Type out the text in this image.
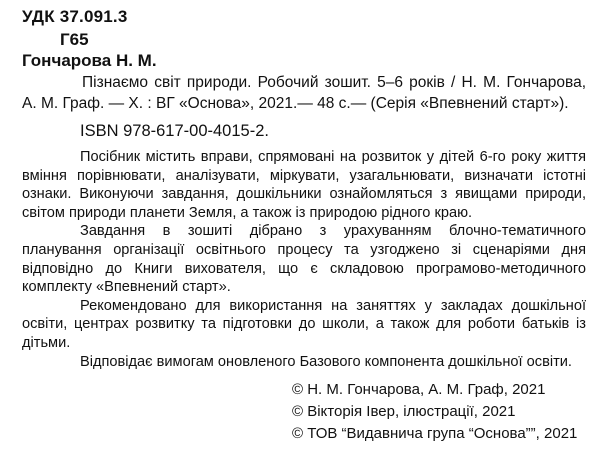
УДК 37.091.3
Г65
Гончарова Н. М.
Пізнаємо світ природи. Робочий зошит. 5–6 років / Н. М. Гончарова, А. М. Граф. — Х. : ВГ «Основа», 2021.— 48 с.— (Серія «Впевнений старт»).
ISBN 978-617-00-4015-2.
Посібник містить вправи, спрямовані на розвиток у дітей 6-го року життя вміння порівнювати, аналізувати, міркувати, узагальнювати, визначати істотні ознаки. Виконуючи завдання, дошкільники ознайомляться з явищами природи, світом природи планети Земля, а також із природою рідного краю.
Завдання в зошиті дібрано з урахуванням блочно-тематичного планування організації освітнього процесу та узгоджено зі сценаріями дня відповідно до Книги вихователя, що є складовою програмово-методичного комплекту «Впевнений старт».
Рекомендовано для використання на заняттях у закладах дошкільної освіти, центрах розвитку та підготовки до школи, а також для роботи батьків із дітьми.
Відповідає вимогам оновленого Базового компонента дошкільної освіти.
© Н. М. Гончарова, А. М. Граф, 2021
© Вікторія Івер, ілюстрації, 2021
© ТОВ “Видавнича група “Основа””, 2021
